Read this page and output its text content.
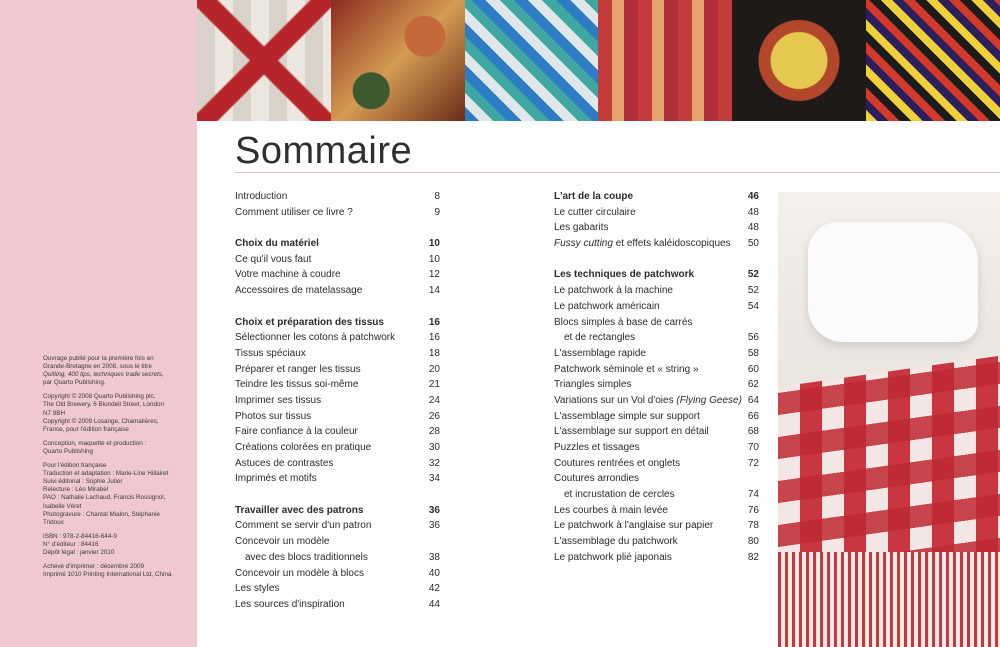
Ouvrage publié pour la première fois en
Grande-Bretagne en 2008, sous le titre
Quilting, 400 tips, techniques trade secrets,
par Quarto Publishing.
Copyright © 2008 Quarto Publishing plc,
The Old Brewery, 6 Blundell Street, London
N7 9BH
Copyright © 2009 Losange, Chamalières,
France, pour l'édition française
Conception, maquette et production :
Quarto Publishing
Pour l'édition française
Traduction et adaptation : Marie-Line Hillairet
Suivi éditorial : Sophie Jutier
Relecture : Léo Mirabel
PAO : Nathalie Lachaud, Francis Rossignol,
Isabelle Véret
Photogravure : Chantal Mialon, Stéphanie
Tridoux
ISBN : 978-2-84416-644-9
N° d'éditeur : 84416
Dépôt légal : janvier 2010
Achevé d'imprimer : décembre 2009
Imprimé 1010 Printing International Ltd, China
Sommaire
Introduction	8
Comment utiliser ce livre ?	9
Choix du matériel	10
Ce qu'il vous faut	10
Votre machine à coudre	12
Accessoires de matelassage	14
Choix et préparation des tissus	16
Sélectionner les cotons à patchwork	16
Tissus spéciaux	18
Préparer et ranger les tissus	20
Teindre les tissus soi-même	21
Imprimer ses tissus	24
Photos sur tissus	26
Faire confiance à la couleur	28
Créations colorées en pratique	30
Astuces de contrastes	32
Imprimés et motifs	34
Travailler avec des patrons	36
Comment se servir d'un patron	36
Concevoir un modèle
avec des blocs traditionnels	38
Concevoir un modèle à blocs	40
Les styles	42
Les sources d'inspiration	44
L'art de la coupe	46
Le cutter circulaire	48
Les gabarits	48
Fussy cutting et effets kaléidoscopiques 50
Les techniques de patchwork	52
Le patchwork à la machine	52
Le patchwork américain	54
Blocs simples à base de carrés
et de rectangles	56
L'assemblage rapide	58
Patchwork séminole et « string »	60
Triangles simples	62
Variations sur un Vol d'oies (Flying Geese) 64
L'assemblage simple sur support	66
L'assemblage sur support en détail	68
Puzzles et tissages	70
Coutures rentrées et onglets	72
Coutures arrondies
et incrustation de cercles	74
Les courbes à main levée	76
Le patchwork à l'anglaise sur papier	78
L'assemblage du patchwork	80
Le patchwork plié japonais	82
